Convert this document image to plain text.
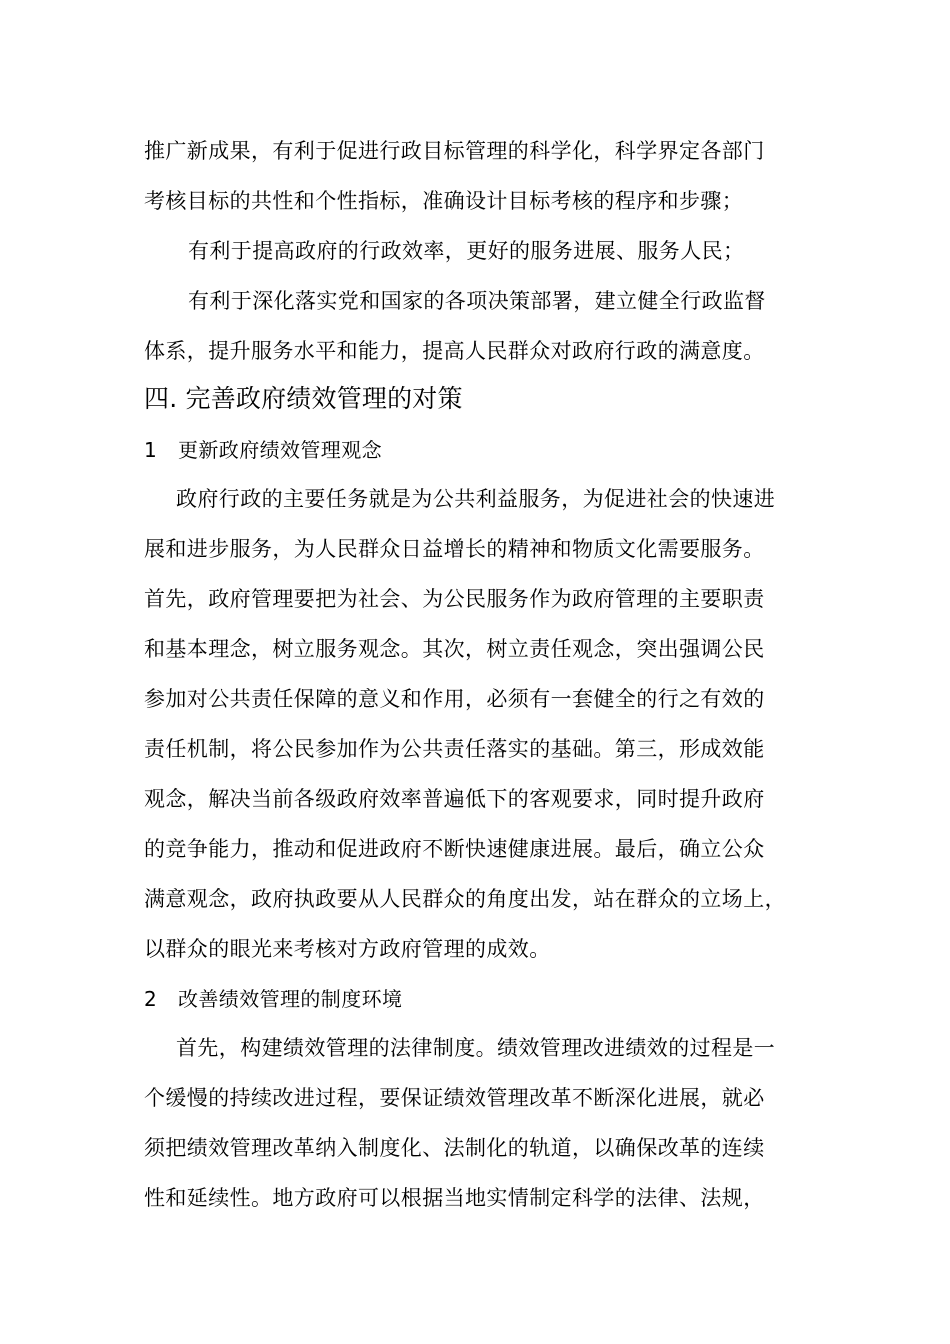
推广新成果，有利于促进行政目标管理的科学化，科学界定各部门
考核目标的共性和个性指标，准确设计目标考核的程序和步骤；
有利于提高政府的行政效率，更好的服务进展、服务人民；
有利于深化落实党和国家的各项决策部署，建立健全行政监督
体系，提升服务水平和能力，提高人民群众对政府行政的满意度。
四. 完善政府绩效管理的对策
1 更新政府绩效管理观念
政府行政的主要任务就是为公共利益服务，为促进社会的快速进
展和进步服务，为人民群众日益增长的精神和物质文化需要服务。
首先，政府管理要把为社会、为公民服务作为政府管理的主要职责
和基本理念，树立服务观念。其次，树立责任观念，突出强调公民
参加对公共责任保障的意义和作用，必须有一套健全的行之有效的
责任机制，将公民参加作为公共责任落实的基础。第三，形成效能
观念，解决当前各级政府效率普遍低下的客观要求，同时提升政府
的竞争能力，推动和促进政府不断快速健康进展。最后，确立公众
满意观念，政府执政要从人民群众的角度出发，站在群众的立场上，
以群众的眼光来考核对方政府管理的成效。
2 改善绩效管理的制度环境
首先，构建绩效管理的法律制度。绩效管理改进绩效的过程是一
个缓慢的持续改进过程，要保证绩效管理改革不断深化进展，就必
须把绩效管理改革纳入制度化、法制化的轨道，以确保改革的连续
性和延续性。地方政府可以根据当地实情制定科学的法律、法规，
